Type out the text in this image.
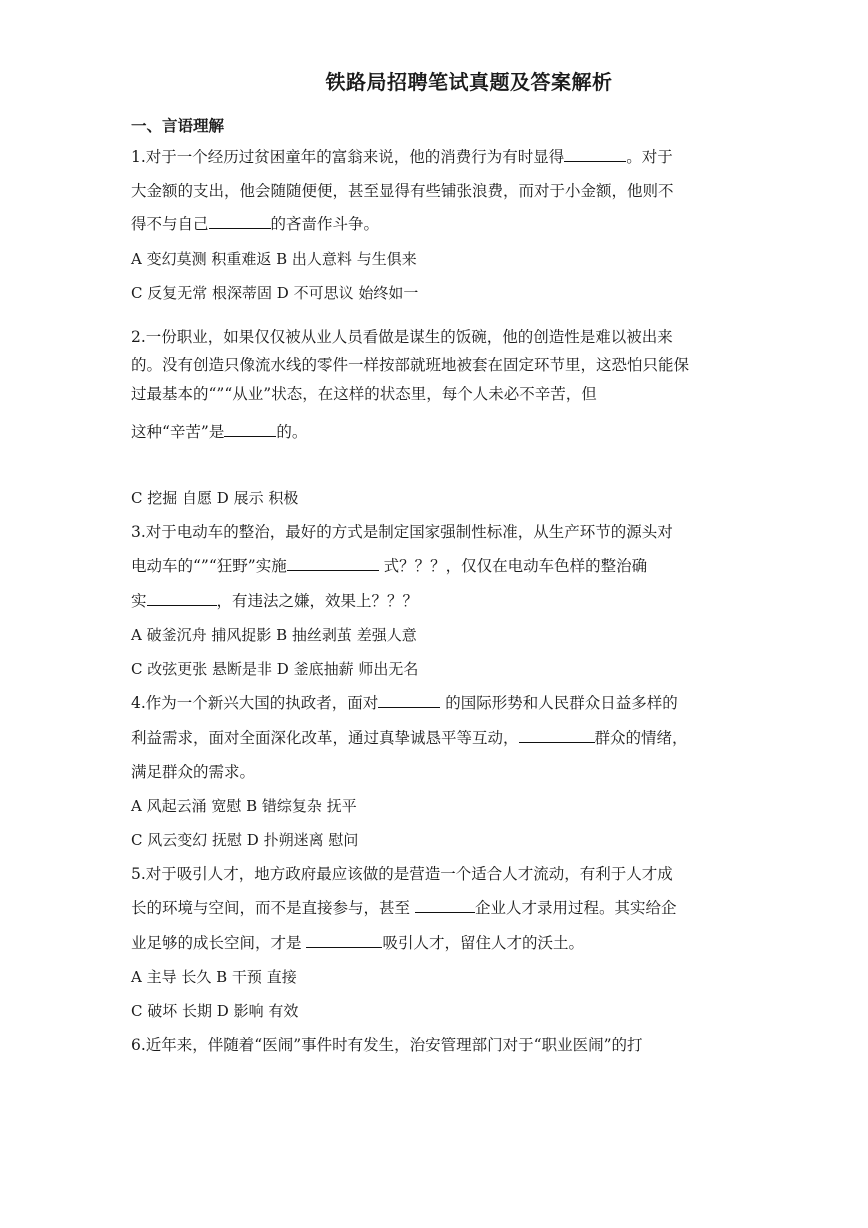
铁路局招聘笔试真题及答案解析
一、言语理解
1.对于一个经历过贫困童年的富翁来说，他的消费行为有时显得	。对于
大金额的支出，他会随随便便，甚至显得有些铺张浪费，而对于小金额，他则不
得不与自己	的吝啬作斗争。
A 变幻莫测 积重难返 B 出人意料 与生俱来
C 反复无常 根深蒂固 D 不可思议 始终如一
2.一份职业，如果仅仅被从业人员看做是谋生的饭碗，他的创造性是难以被出来
的。没有创造只像流水线的零件一样按部就班地被套在固定环节里，这恐怕只能保
过最基本的“”“从业”状态，在这样的状态里，每个人未必不辛苦，但
这种“辛苦”是	的。
C 挖掘 自愿 D 展示 积极
3.对于电动车的整治，最好的方式是制定国家强制性标准，从生产环节的源头对
电动车的“”“狂野”实施	式？？？，仅仅在电动车色样的整治确
实	，有违法之嫌，效果上？？？
A 破釜沉舟 捕风捉影 B 抽丝剥茧 差强人意
C 改弦更张 悬断是非 D 釜底抽薪 师出无名
4.作为一个新兴大国的执政者，面对	的国际形势和人民群众日益多样的
利益需求，面对全面深化改革，通过真挚诚恳平等互动，	群众的情绪，
满足群众的需求。
A 风起云涌 宽慰 B 错综复杂 抚平
C 风云变幻 抚慰 D 扑朔迷离 慰问
5.对于吸引人才，地方政府最应该做的是营造一个适合人才流动，有利于人才成
长的环境与空间，而不是直接参与，甚至	企业人才录用过程。其实给企
业足够的成长空间，才是	吸引人才，留住人才的沃土。
A 主导 长久 B 干预 直接
C 破坏 长期 D 影响 有效
6.近年来，伴随着“医闹”事件时有发生，治安管理部门对于“职业医闹”的打
